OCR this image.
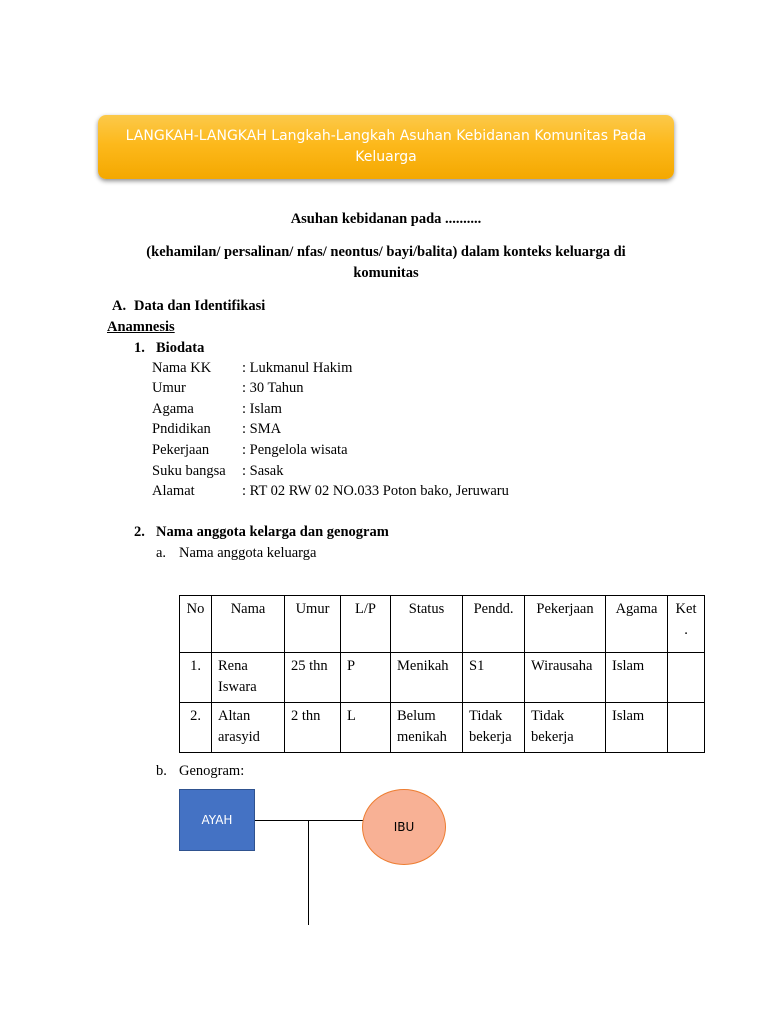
LANGKAH-LANGKAH Langkah-Langkah Asuhan Kebidanan Komunitas Pada Keluarga
Asuhan kebidanan pada ..........
(kehamilan/ persalinan/ nfas/ neontus/ bayi/balita) dalam konteks keluarga di
komunitas
A. Data dan Identifikasi
Anamnesis
1. Biodata
Nama KK : Lukmanul Hakim
Umur	: 30 Tahun
Agama	: Islam
Pndidikan : SMA
Pekerjaan : Pengelola wisata
Suku bangsa : Sasak
Alamat	: RT 02 RW 02 NO.033 Poton bako, Jeruwaru
2. Nama anggota kelarga dan genogram
a. Nama anggota keluarga
No	Nama	Umur	L/P	Status	Pendd.	Pekerjaan	Agama	Ket .
1.	Rena Iswara	25 thn	P	Menikah	S1	Wirausaha	Islam	
2.	Altan arasyid	2 thn	L	Belum menikah	Tidak bekerja	Tidak bekerja	Islam	
b. Genogram:
AYAH	IBU
